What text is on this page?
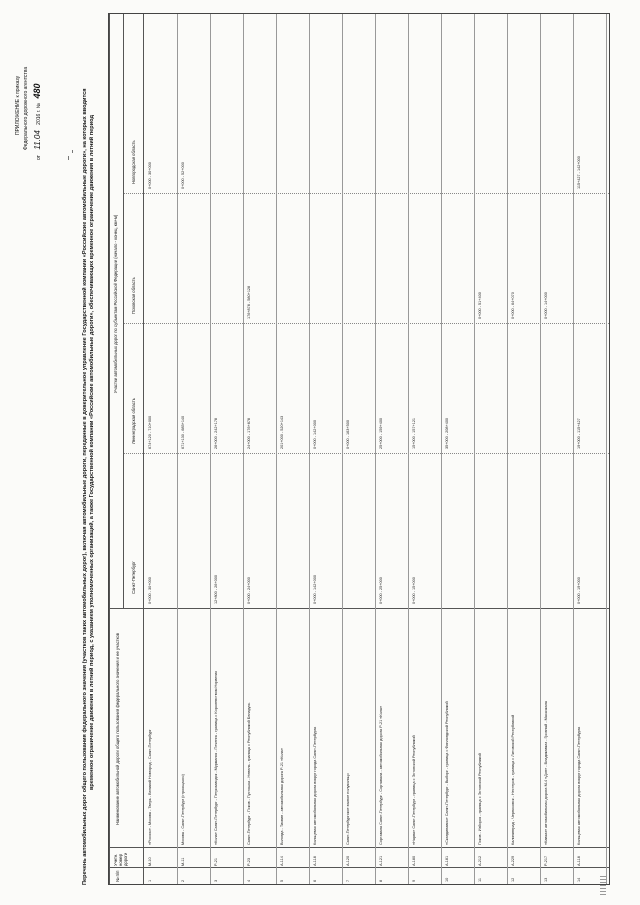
ПРИЛОЖЕНИЕ к приказу Федерального дорожного агентства
от 11.04 2016 г. № 480	Перечень автомобильных дорог общего пользования федерального значения (участков таких автомобильных дорог), включая автомобильные дороги, переданные в доверительное управление Государственной компании «Российские автомобильные дороги», на которых вводится временное ограничение движения в летний период, с указанием уполномоченных организаций, а также Государственной компании «Российские автомобильные дороги», обеспечивающих временное ограничение движения в летний период
№ п/п
Учетн. номер дороги
Наименование автомобильной дороги общего пользования федерального значения и ее участков
Участки автомобильных дорог по субъектам Российской Федерации (начало - конец, км+м)
Санкт-Петербург
Ленинградская область
Псковская область
Новгородская область
1
М-10
«Россия» - Москва - Тверь - Великий Новгород - Санкт-Петербург
0+000 - 30+000
674+120 - 710+000
0+000 - 30+000
2
М-11
Москва - Санкт-Петербург (строящаяся)
671+130 - 685+140
0+000 - 52+000
3
Р-21
«Кола» Санкт-Петербург - Петрозаводск - Мурманск - Печенга - граница с Королевством Норвегия
12+800 - 26+000
26+000 - 242+178
4
Р-23
Санкт-Петербург - Псков - Пустошка - Невель - граница с Республикой Беларусь
0+000 - 24+000
24+000 - 176+878
176+878 - 580+128
5
А-114
Вологда - Тихвин - автомобильная дорога Р-21 «Кола»
201+000 - 520+143
6
А-118
Кольцевая автомобильная дорога вокруг города Санкт-Петербурга
0+000 - 142+000
0+000 - 142+000
7
А-120
Санкт-Петербургское южное полукольцо
0+000 - 163+500
8
А-121
Сортавала Санкт-Петербург - Сортавала - автомобильная дорога Р-21 «Кола»
0+000 - 25+000
25+000 - 159+400
9
А-180
«Нарва» Санкт-Петербург - граница с Эстонской Республикой
0+000 - 15+000
15+000 - 157+121
10
А-181
«Скандинавия» Санкт-Петербург - Выборг - граница с Финляндской Республикой
35+000 - 208+400
11
А-212
Псков - Изборск - граница с Эстонской Республикой
0+000 - 51+400
12
А-229
Калининград - Черняховск - Нестеров - граница с Литовской Республикой
0+000 - 64+070
13
Р-217
«Кавказ» автомобильная дорога М-4 «Дон» - Владикавказ - Грозный - Махачкала
0+000 - 14+000
14
А-118
Кольцевая автомобильная дорога вокруг города Санкт-Петербурга
0+000 - 19+000
19+000 - 115+427
115+427 - 142+000
